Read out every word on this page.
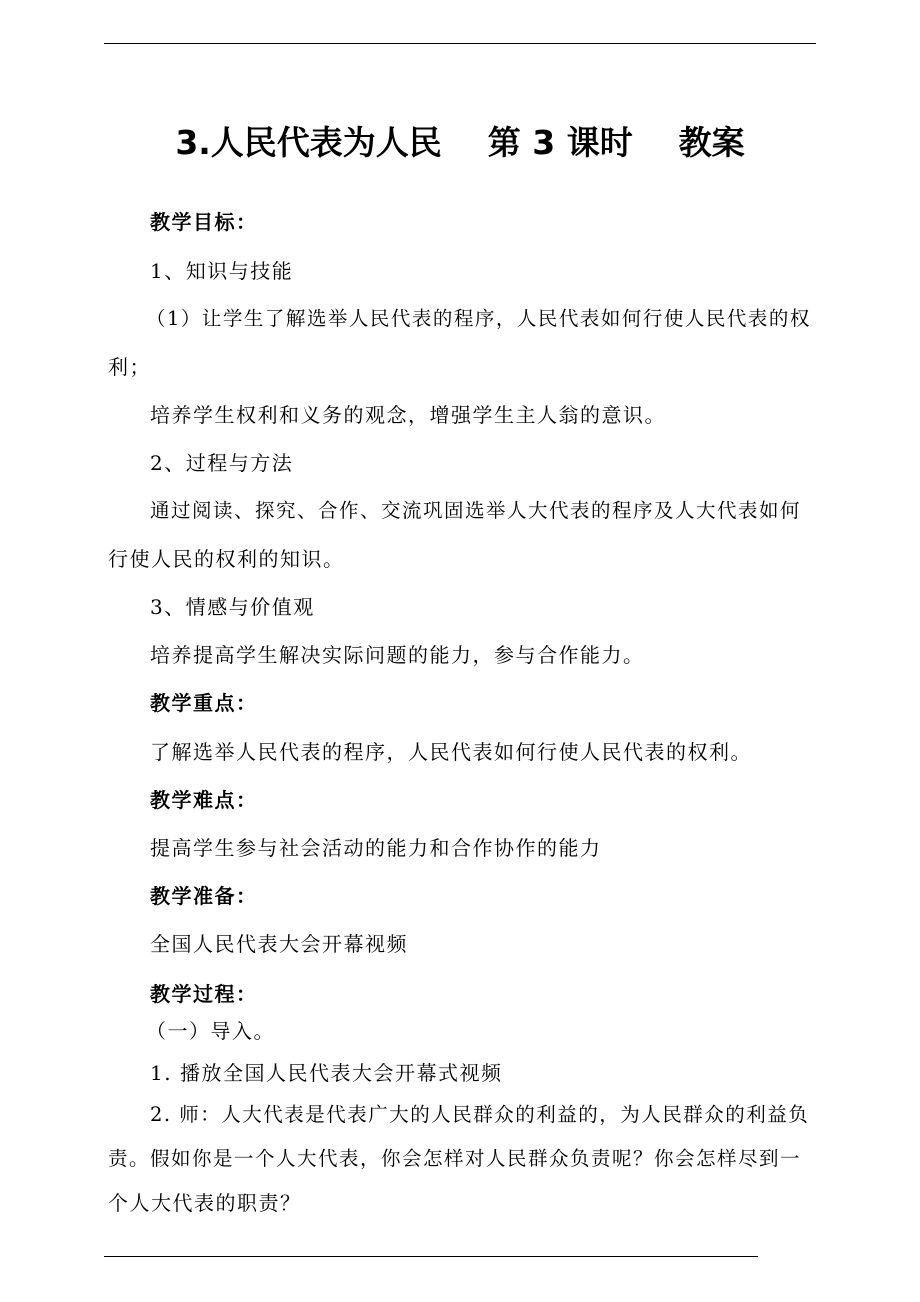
3.人民代表为人民    第 3 课时    教案
教学目标：
1、知识与技能
（1）让学生了解选举人民代表的程序，人民代表如何行使人民代表的权
利；
培养学生权利和义务的观念，增强学生主人翁的意识。
2、过程与方法
通过阅读、探究、合作、交流巩固选举人大代表的程序及人大代表如何
行使人民的权利的知识。
3、情感与价值观
培养提高学生解决实际问题的能力，参与合作能力。
教学重点：
了解选举人民代表的程序，人民代表如何行使人民代表的权利。
教学难点：
提高学生参与社会活动的能力和合作协作的能力
教学准备：
全国人民代表大会开幕视频
教学过程：
（一）导入。
1. 播放全国人民代表大会开幕式视频
2. 师：人大代表是代表广大的人民群众的利益的，为人民群众的利益负
责。假如你是一个人大代表，你会怎样对人民群众负责呢？你会怎样尽到一
个人大代表的职责？
